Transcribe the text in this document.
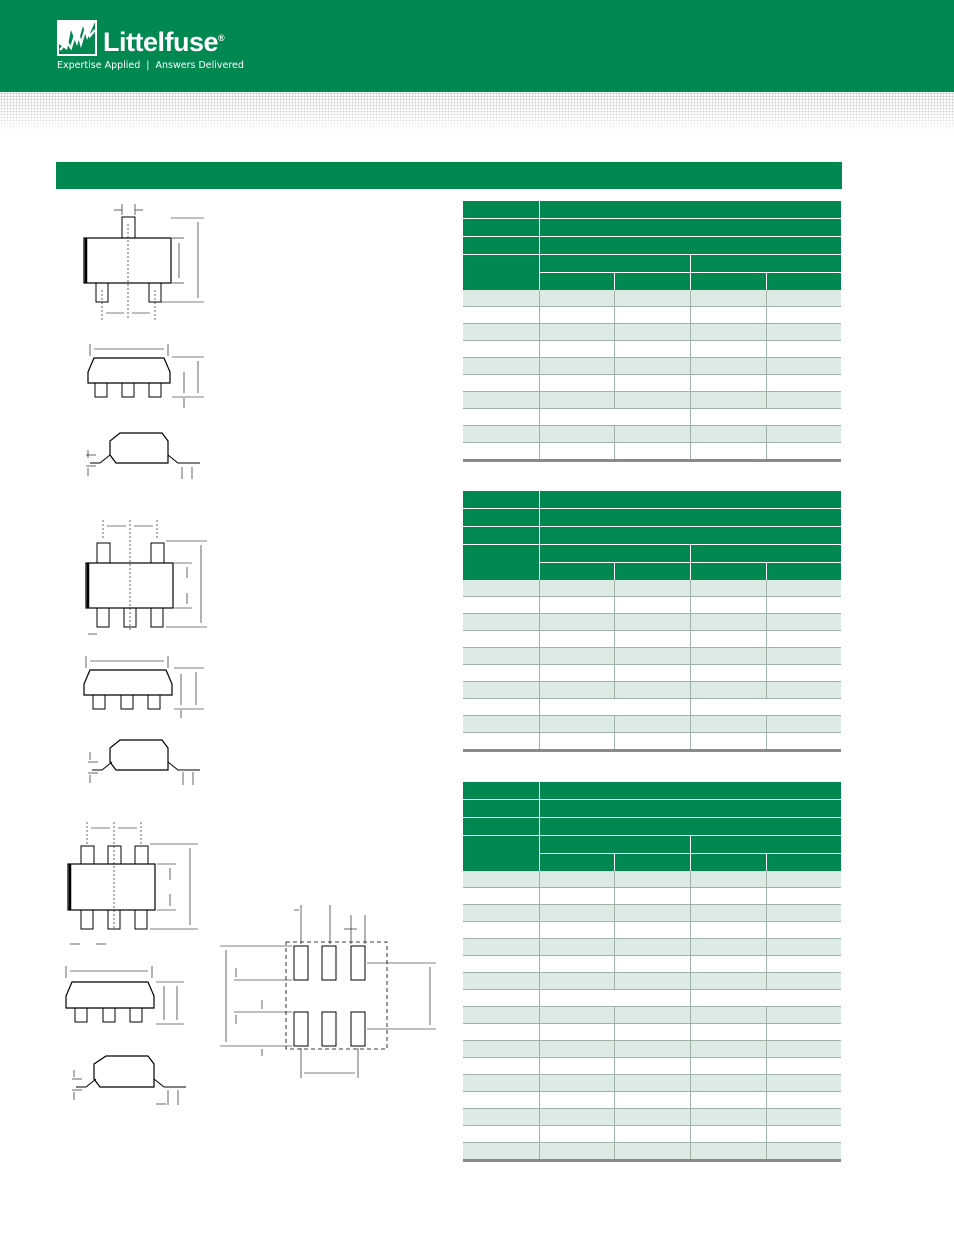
Littelfuse®
Expertise Applied | Answers Delivered
